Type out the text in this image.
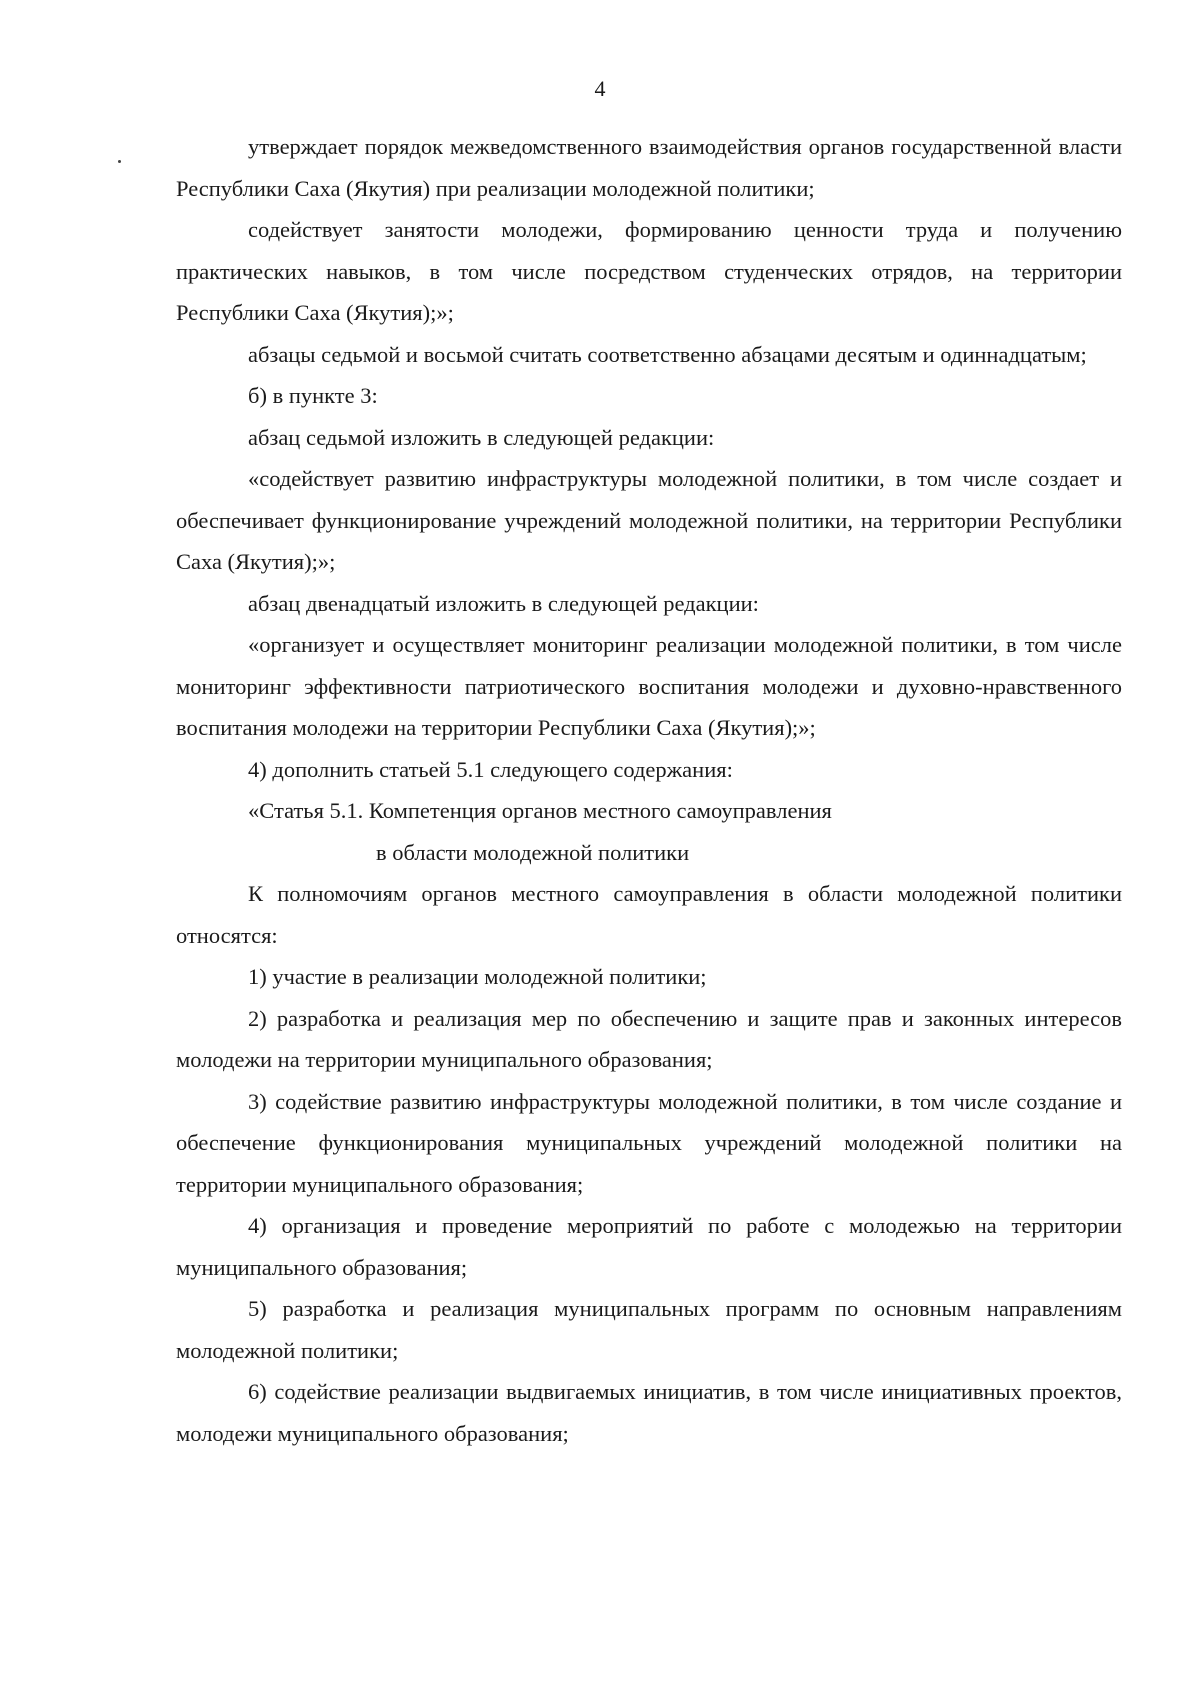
4

утверждает порядок межведомственного взаимодействия органов государственной власти Республики Саха (Якутия) при реализации молодежной политики;

содействует занятости молодежи, формированию ценности труда и получению практических навыков, в том числе посредством студенческих отрядов, на территории Республики Саха (Якутия);»;

абзацы седьмой и восьмой считать соответственно абзацами десятым и одиннадцатым;

б) в пункте 3:

абзац седьмой изложить в следующей редакции:

«содействует развитию инфраструктуры молодежной политики, в том числе создает и обеспечивает функционирование учреждений молодежной политики, на территории Республики Саха (Якутия);»;

абзац двенадцатый изложить в следующей редакции:

«организует и осуществляет мониторинг реализации молодежной политики, в том числе мониторинг эффективности патриотического воспитания молодежи и духовно-нравственного воспитания молодежи на территории Республики Саха (Якутия);»;

4) дополнить статьей 5.1 следующего содержания:

«Статья 5.1. Компетенция органов местного самоуправления

в области молодежной политики

К полномочиям органов местного самоуправления в области молодежной политики относятся:

1) участие в реализации молодежной политики;

2) разработка и реализация мер по обеспечению и защите прав и законных интересов молодежи на территории муниципального образования;

3) содействие развитию инфраструктуры молодежной политики, в том числе создание и обеспечение функционирования муниципальных учреждений молодежной политики на территории муниципального образования;

4) организация и проведение мероприятий по работе с молодежью на территории муниципального образования;

5) разработка и реализация муниципальных программ по основным направлениям молодежной политики;

6) содействие реализации выдвигаемых инициатив, в том числе инициативных проектов, молодежи муниципального образования;
